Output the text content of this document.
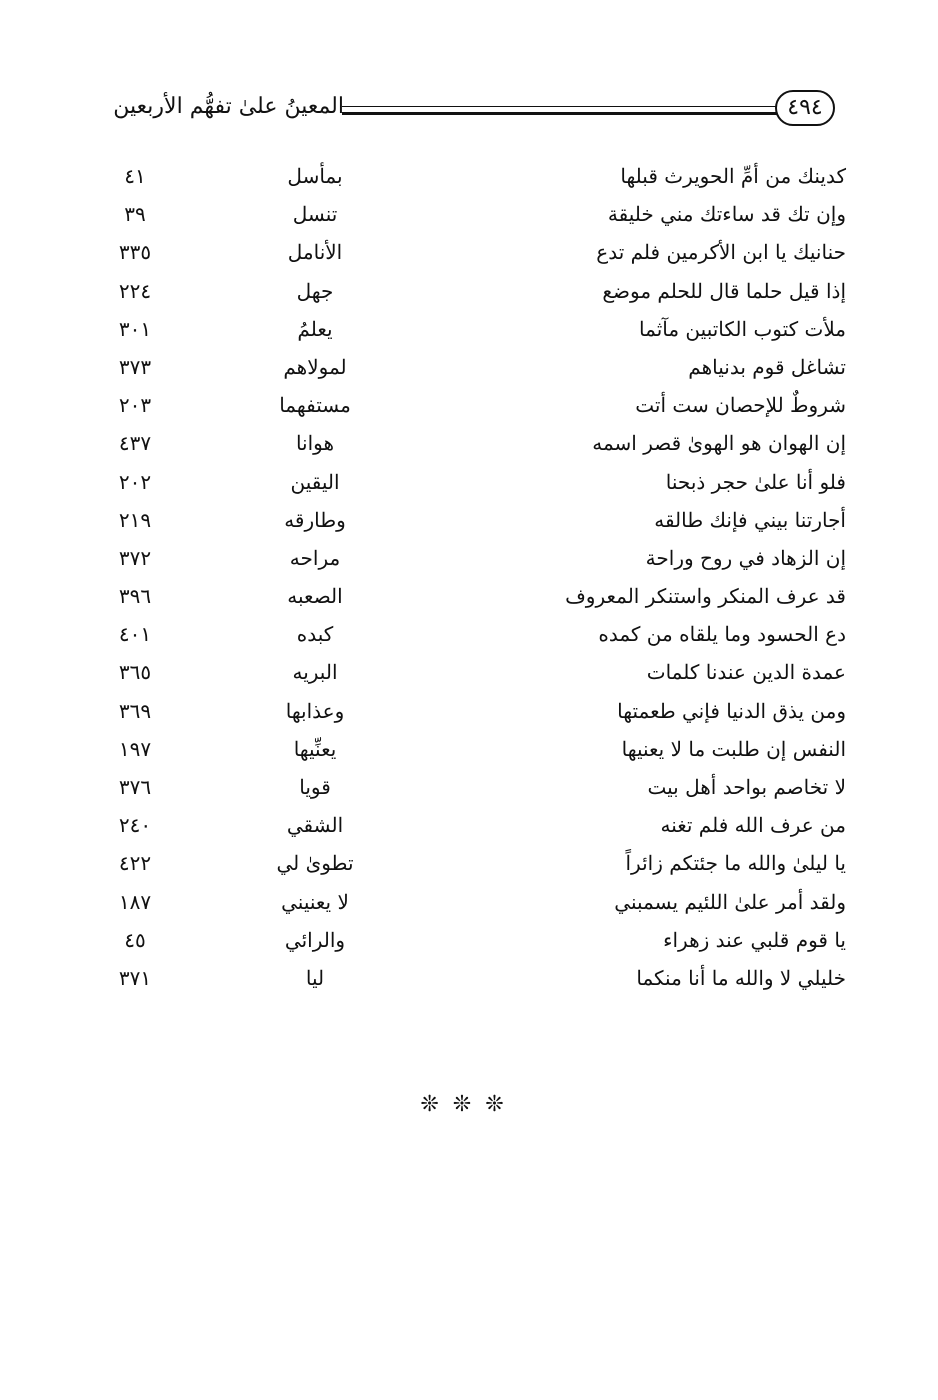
المعينُ علىٰ تفهُّم الأربعين	٤٩٤
كدينك من أمِّ الحويرث قبلها
بمأسل
٤١
وإن تك قد ساءتك مني خليقة
تنسل
٣٩
حنانيك يا ابن الأكرمين فلم تدع
الأنامل
٣٣٥
إذا قيل حلما قال للحلم موضع
جهل
٢٢٤
ملأت كتوب الكاتبين مآثما
يعلمُ
٣٠١
تشاغل قوم بدنياهم
لمولاهم
٣٧٣
شروطٌ للإحصان ست أتت
مستفهما
٢٠٣
إن الهوان هو الهوىٰ قصر اسمه
هوانا
٤٣٧
فلو أنا علىٰ حجر ذبحنا
اليقين
٢٠٢
أجارتنا بيني فإنك طالقه
وطارقه
٢١٩
إن الزهاد في روح وراحة
مراحه
٣٧٢
قد عرف المنكر واستنكر المعروف
الصعبه
٣٩٦
دع الحسود وما يلقاه من كمده
كبده
٤٠١
عمدة الدين عندنا كلمات
البريه
٣٦٥
ومن يذق الدنيا فإني طعمتها
وعذابها
٣٦٩
النفس إن طلبت ما لا يعنيها
يعنِّيها
١٩٧
لا تخاصم بواحد أهل بيت
قويا
٣٧٦
من عرف الله فلم تغنه
الشقي
٢٤٠
يا ليلىٰ والله ما جئتكم زائراً
تطوىٰ لي
٤٢٢
ولقد أمر علىٰ اللئيم يسمبني
لا يعنيني
١٨٧
يا قوم قلبي عند زهراء
والرائي
٤٥
خليلي لا والله ما أنا منكما
ليا
٣٧١
❊❊❊
